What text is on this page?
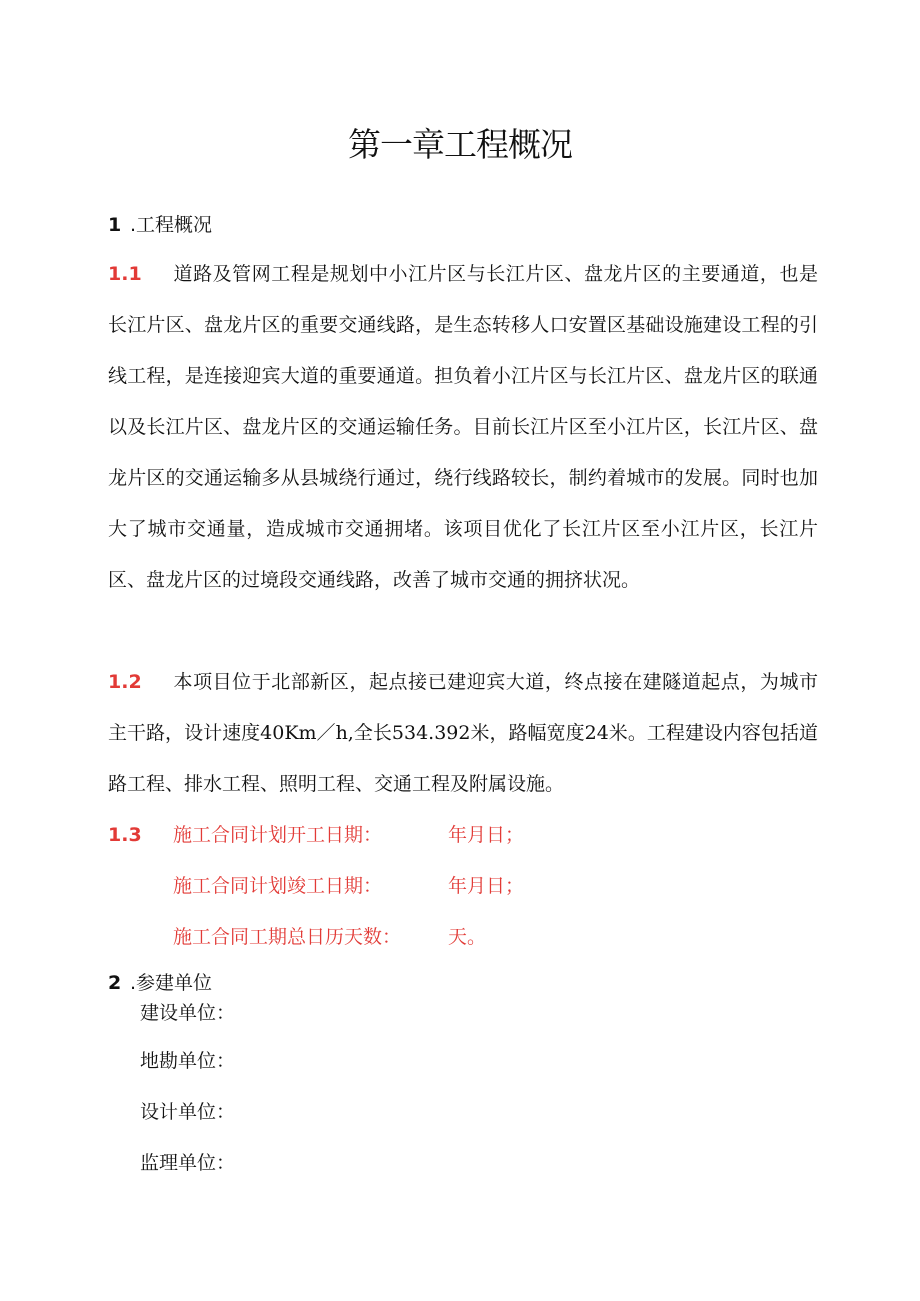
第一章工程概况
1 .工程概况

1.1 道路及管网工程是规划中小江片区与长江片区、盘龙片区的主要通道，也是长江片区、盘龙片区的重要交通线路，是生态转移人口安置区基础设施建设工程的引线工程，是连接迎宾大道的重要通道。担负着小江片区与长江片区、盘龙片区的联通以及长江片区、盘龙片区的交通运输任务。目前长江片区至小江片区，长江片区、盘龙片区的交通运输多从县城绕行通过，绕行线路较长，制约着城市的发展。同时也加大了城市交通量，造成城市交通拥堵。该项目优化了长江片区至小江片区，长江片区、盘龙片区的过境段交通线路，改善了城市交通的拥挤状况。

1.2 本项目位于北部新区，起点接已建迎宾大道，终点接在建隧道起点，为城市主干路，设计速度40Km／h,全长534.392米，路幅宽度24米。工程建设内容包括道路工程、排水工程、照明工程、交通工程及附属设施。

1.3 施工合同计划开工日期：	年月日；
施工合同计划竣工日期：	年月日；
施工合同工期总日历天数： 天。
2 .参建单位
建设单位：
地勘单位：
设计单位：
监理单位：
